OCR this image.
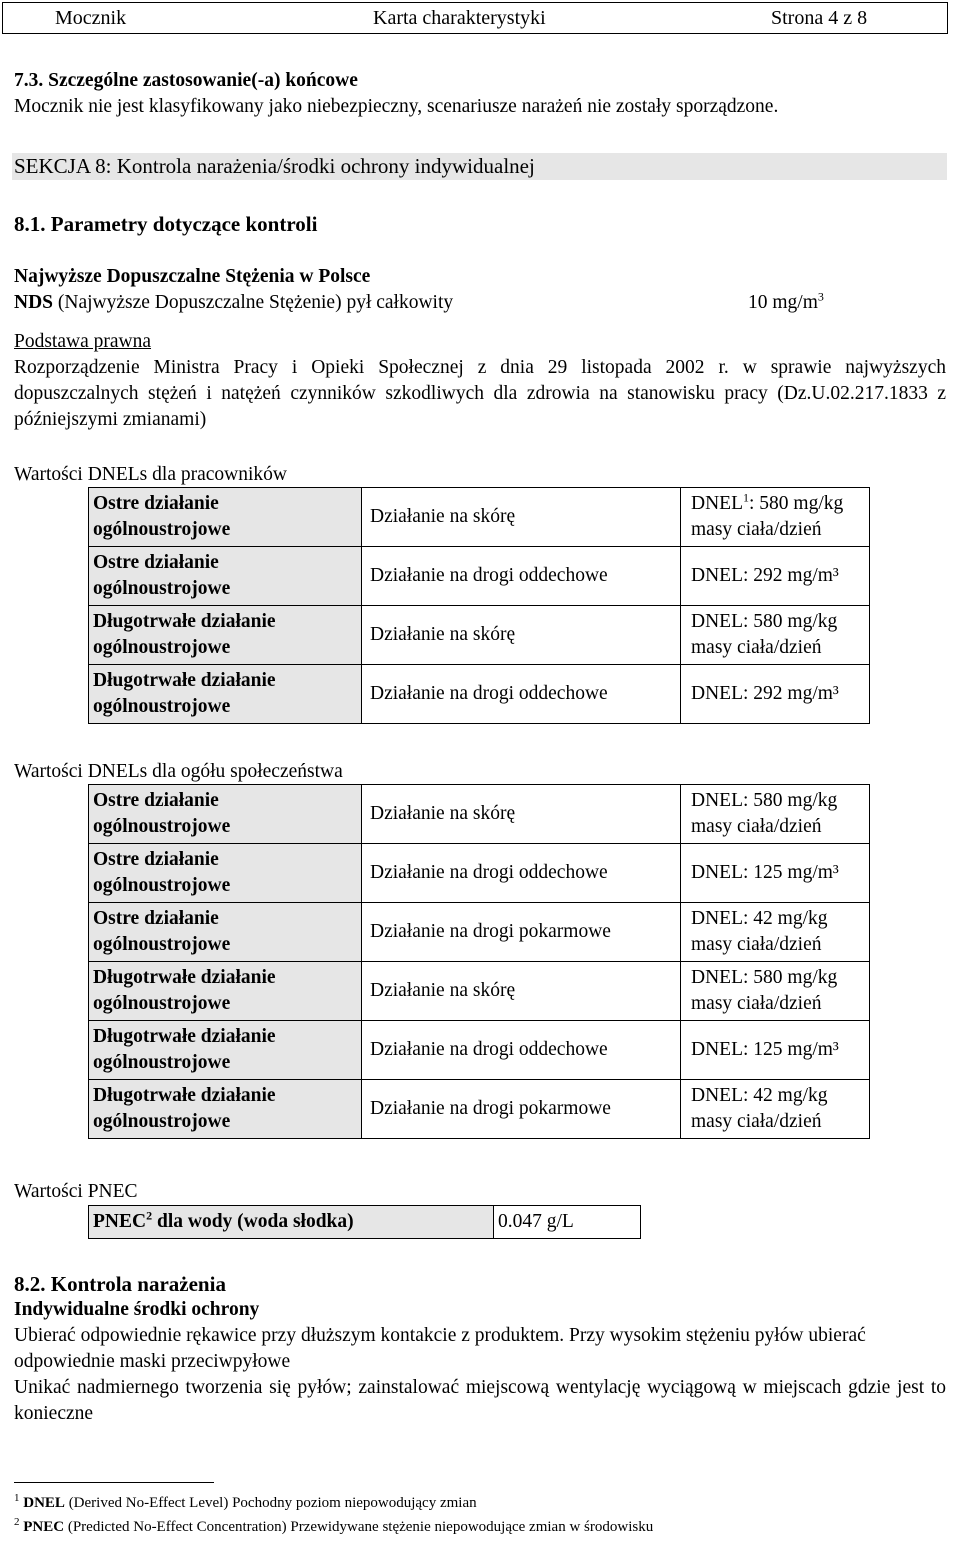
Mocznik	Karta charakterystyki	Strona 4 z 8
7.3. Szczególne zastosowanie(-a) końcowe
Mocznik nie jest klasyfikowany jako niebezpieczny, scenariusze narażeń nie zostały sporządzone.
SEKCJA 8: Kontrola narażenia/środki ochrony indywidualnej
8.1. Parametry dotyczące kontroli
Najwyższe Dopuszczalne Stężenia w Polsce
NDS (Najwyższe Dopuszczalne Stężenie) pył całkowity	10 $mg/m^3$
Podstawa prawna
Rozporządzenie Ministra Pracy i Opieki Społecznej z dnia 29 listopada 2002 r. w sprawie najwyższych dopuszczalnych stężeń i natężeń czynników szkodliwych dla zdrowia na stanowisku pracy (Dz.U.02.217.1833 z późniejszymi zmianami)
Wartości DNELs dla pracowników
Ostre działanie ogólnoustrojowe	Działanie na skórę	DNEL$^1$: 580 mg/kg masy ciała/dzień
Ostre działanie ogólnoustrojowe	Działanie na drogi oddechowe	DNEL: 292 mg/m³
Długotrwałe działanie ogólnoustrojowe	Działanie na skórę	DNEL: 580 mg/kg masy ciała/dzień
Długotrwałe działanie ogólnoustrojowe	Działanie na drogi oddechowe	DNEL: 292 mg/m³
Wartości DNELs dla ogółu społeczeństwa
Ostre działanie ogólnoustrojowe	Działanie na skórę	DNEL: 580 mg/kg masy ciała/dzień
Ostre działanie ogólnoustrojowe	Działanie na drogi oddechowe	DNEL: 125 mg/m³
Ostre działanie ogólnoustrojowe	Działanie na drogi pokarmowe	DNEL: 42 mg/kg masy ciała/dzień
Długotrwałe działanie ogólnoustrojowe	Działanie na skórę	DNEL: 580 mg/kg masy ciała/dzień
Długotrwałe działanie ogólnoustrojowe	Działanie na drogi oddechowe	DNEL: 125 mg/m³
Długotrwałe działanie ogólnoustrojowe	Działanie na drogi pokarmowe	DNEL: 42 mg/kg masy ciała/dzień
Wartości PNEC
PNEC$^2$ dla wody (woda słodka)	0.047 g/L
8.2. Kontrola narażenia
Indywidualne środki ochrony
Ubierać odpowiednie rękawice przy dłuższym kontakcie z produktem. Przy wysokim stężeniu pyłów ubierać odpowiednie maski przeciwpyłowe
Unikać nadmiernego tworzenia się pyłów; zainstalować miejscową wentylację wyciągową w miejscach gdzie jest to konieczne
$^1$ DNEL (Derived No-Effect Level) Pochodny poziom niepowodujący zmian
$^2$ PNEC (Predicted No-Effect Concentration) Przewidywane stężenie niepowodujące zmian w środowisku
